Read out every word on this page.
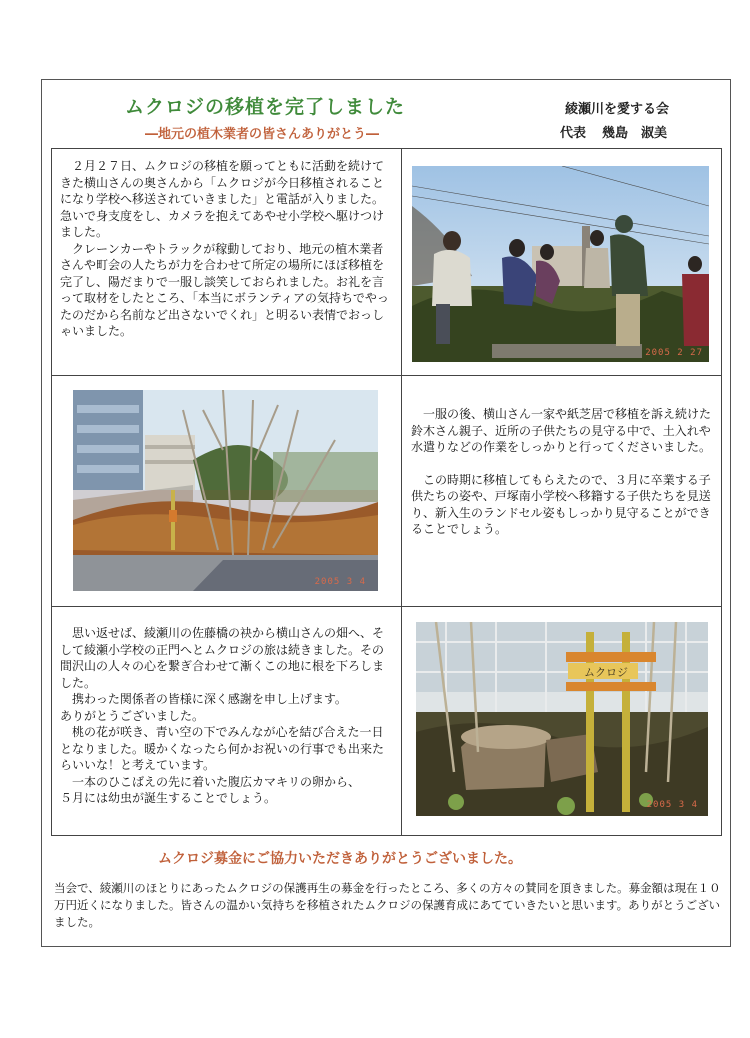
ムクロジの移植を完了しました
―地元の植木業者の皆さんありがとう―
綾瀬川を愛する会
代表 幾島　淑美

２月２７日、ムクロジの移植を願ってともに活動を続けてきた横山さんの奥さんから「ムクロジが今日移植されることになり学校へ移送されていきました」と電話が入りました。急いで身支度をし、カメラを抱えてあやせ小学校へ駆けつけました。

クレーンカーやトラックが稼動しており、地元の植木業者さんや町会の人たちが力を合わせて所定の場所にほぼ移植を完了し、陽だまりで一服し談笑しておられました。お礼を言って取材をしたところ、「本当にボランティアの気持ちでやったのだから名前など出さないでくれ」と明るい表情でおっしゃいました。

2005 2 27
2005 3 4

一服の後、横山さん一家や紙芝居で移植を訴え続けた鈴木さん親子、近所の子供たちの見守る中で、土入れや水遣りなどの作業をしっかりと行ってくださいました。

この時期に移植してもらえたので、３月に卒業する子供たちの姿や、戸塚南小学校へ移籍する子供たちを見送り、新入生のランドセル姿もしっかり見守ることができることでしょう。

思い返せば、綾瀬川の佐藤橋の袂から横山さんの畑へ、そして綾瀬小学校の正門へとムクロジの旅は続きました。その間沢山の人々の心を繋ぎ合わせて漸くこの地に根を下ろしました。

携わった関係者の皆様に深く感謝を申し上げます。

ありがとうございました。

桃の花が咲き、青い空の下でみんなが心を結び合えた一日となりました。暖かくなったら何かお祝いの行事でも出来たらいいな！と考えています。

一本のひこばえの先に着いた腹広カマキリの卵から、

５月には幼虫が誕生することでしょう。

ムクロジ
2005 3 4
ムクロジ募金にご協力いただきありがとうございました。
当会で、綾瀬川のほとりにあったムクロジの保護再生の募金を行ったところ、多くの方々の賛同を頂きました。募金額は現在１０万円近くになりました。皆さんの温かい気持ちを移植されたムクロジの保護育成にあてていきたいと思います。ありがとうございました。
